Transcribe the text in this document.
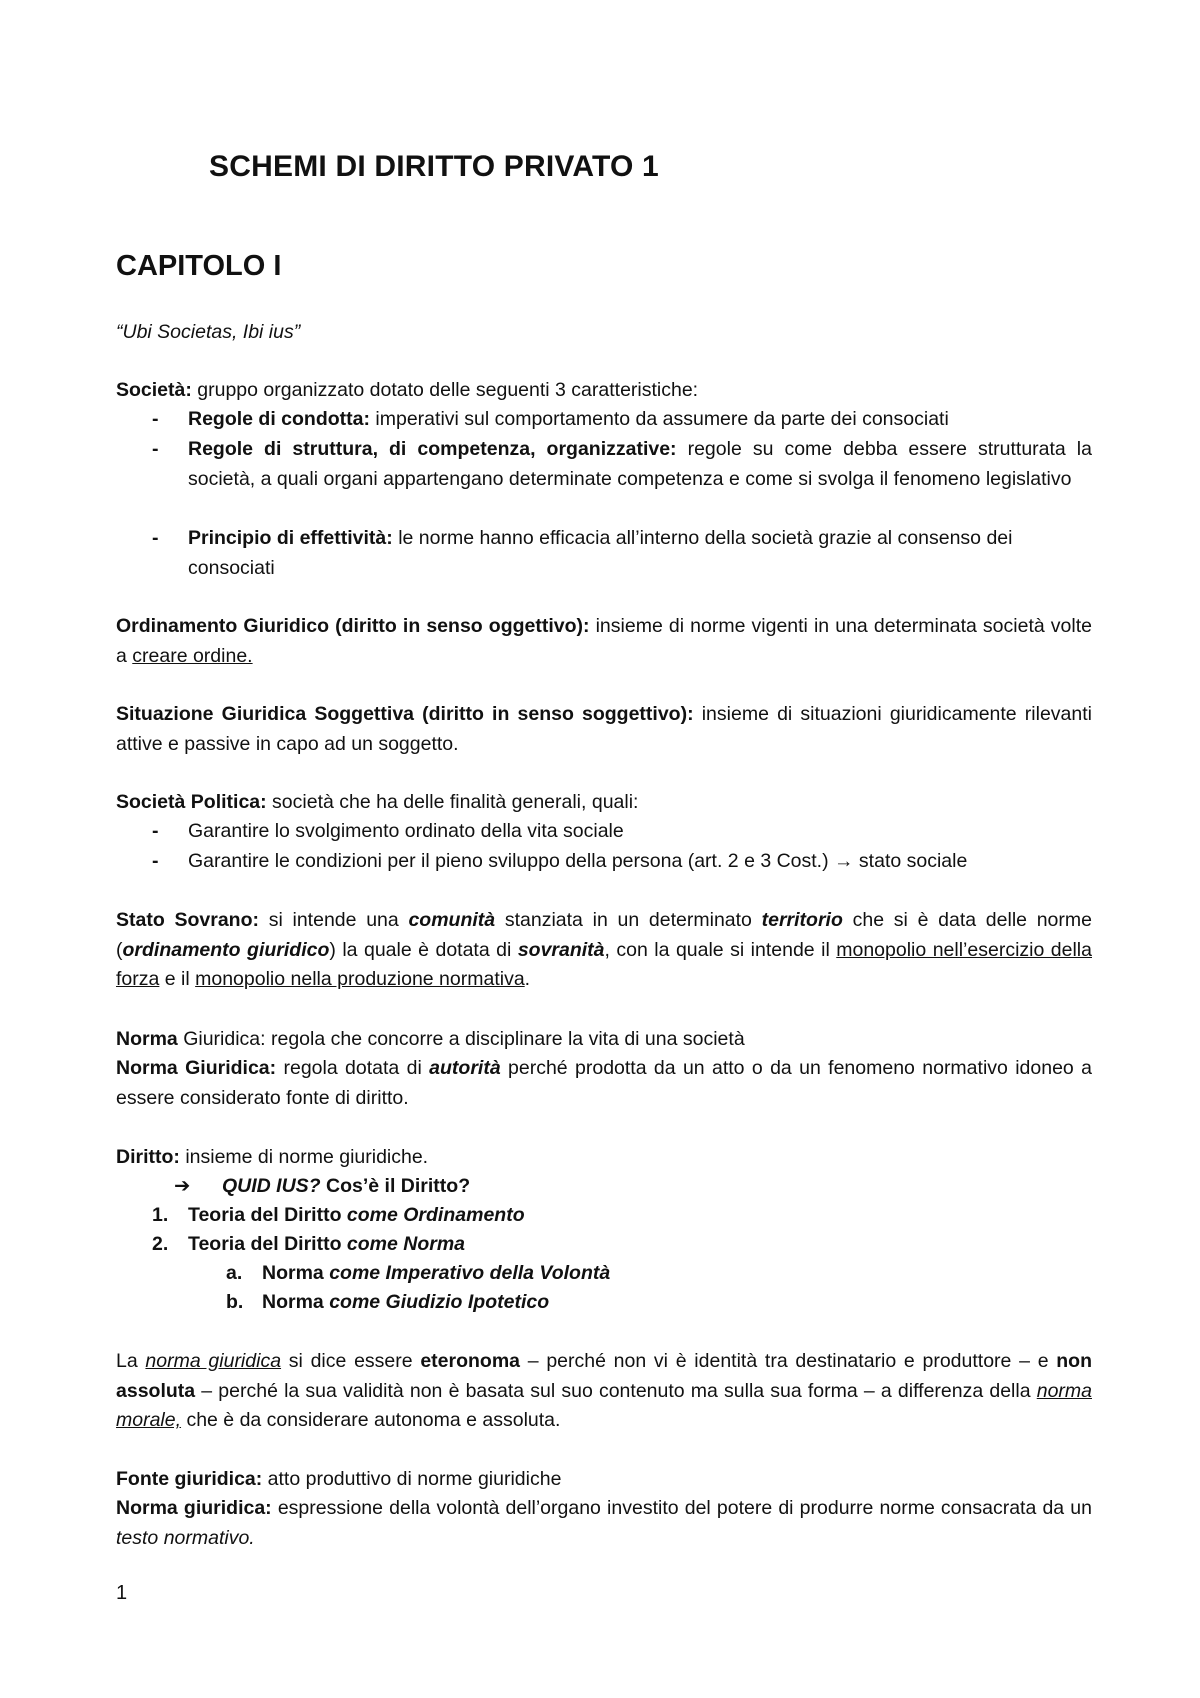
SCHEMI DI DIRITTO PRIVATO 1
CAPITOLO I
“Ubi Societas, Ibi ius”
Società: gruppo organizzato dotato delle seguenti 3 caratteristiche:
- Regole di condotta: imperativi sul comportamento da assumere da parte dei consociati
- Regole di struttura, di competenza, organizzative: regole su come debba essere strutturata la società, a quali organi appartengano determinate competenza e come si svolga il fenomeno legislativo
- Principio di effettività: le norme hanno efficacia all’interno della società grazie al consenso dei consociati
Ordinamento Giuridico (diritto in senso oggettivo): insieme di norme vigenti in una determinata società volte a creare ordine.
Situazione Giuridica Soggettiva (diritto in senso soggettivo): insieme di situazioni giuridicamente rilevanti attive e passive in capo ad un soggetto.
Società Politica: società che ha delle finalità generali, quali:
- Garantire lo svolgimento ordinato della vita sociale
- Garantire le condizioni per il pieno sviluppo della persona (art. 2 e 3 Cost.) → stato sociale
Stato Sovrano: si intende una comunità stanziata in un determinato territorio che si è data delle norme (ordinamento giuridico) la quale è dotata di sovranità, con la quale si intende il monopolio nell’esercizio della forza e il monopolio nella produzione normativa.
Norma Giuridica: regola che concorre a disciplinare la vita di una società
Norma Giuridica: regola dotata di autorità perché prodotta da un atto o da un fenomeno normativo idoneo a essere considerato fonte di diritto.
Diritto: insieme di norme giuridiche.
➔ QUID IUS? Cos’è il Diritto?
1. Teoria del Diritto come Ordinamento
2. Teoria del Diritto come Norma
a. Norma come Imperativo della Volontà
b. Norma come Giudizio Ipotetico
La norma giuridica si dice essere eteronoma – perché non vi è identità tra destinatario e produttore – e non assoluta – perché la sua validità non è basata sul suo contenuto ma sulla sua forma – a differenza della norma morale, che è da considerare autonoma e assoluta.
Fonte giuridica: atto produttivo di norme giuridiche
Norma giuridica: espressione della volontà dell’organo investito del potere di produrre norme consacrata da un testo normativo.
1
